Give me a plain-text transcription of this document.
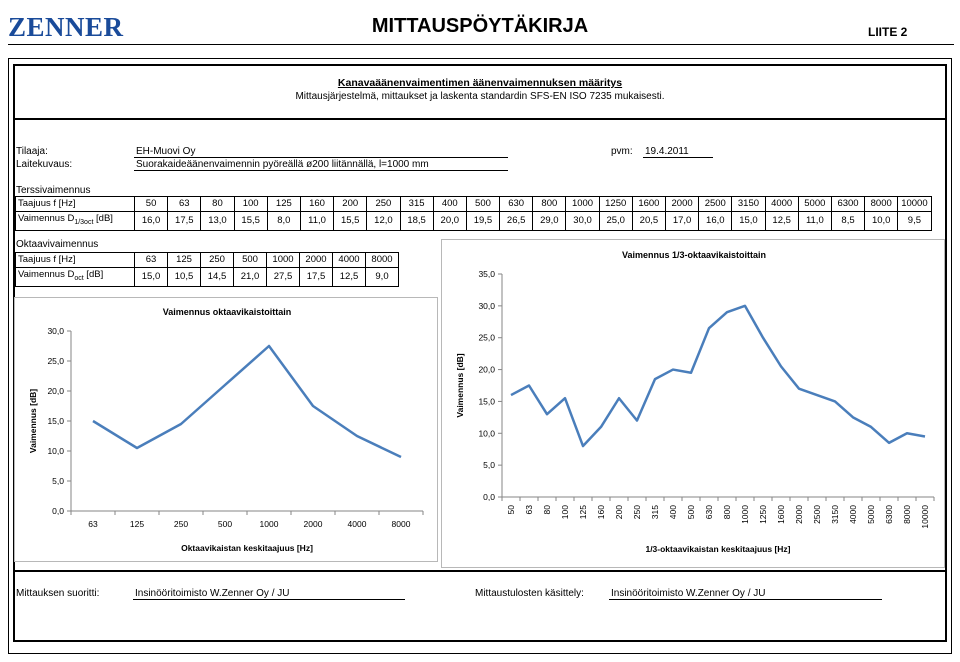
ZENNER	MITTAUSPÖYTÄKIRJA	LIITE 2
Kanavaäänenvaimentimen äänenvaimennuksen määritys
Mittausjärjestelmä, mittaukset ja laskenta standardin SFS-EN ISO 7235 mukaisesti.
Tilaaja:	EH-Muovi Oy
Laitekuvaus:	Suorakaideäänenvaimennin pyöreällä ø200 liitännällä, l=1000 mm
pvm: 19.4.2011
Terssivaimennus
Taajuus f [Hz]	50	63	80	100	125	160	200	250	315	400	500	630	800	1000	1250	1600	2000	2500	3150	4000	5000	6300	8000	10000
Vaimennus $D_{1/3oct}$ [dB]	16,0	17,5	13,0	15,5	8,0	11,0	15,5	12,0	18,5	20,0	19,5	26,5	29,0	30,0	25,0	20,5	17,0	16,0	15,0	12,5	11,0	8,5	10,0	9,5
Oktaavivaimennus
Taajuus f [Hz]	63	125	250	500	1000	2000	4000	8000
Vaimennus $D_{oct}$ [dB]	15,0	10,5	14,5	21,0	27,5	17,5	12,5	9,0
Vaimennus oktaavikaistoittain
0,0
5,0
10,0
15,0
20,0
25,0
30,0
63	125	250	500	1000	2000	4000	8000
Oktaavikaistan keskitaajuus [Hz]
Vaimennus [dB]
Vaimennus 1/3-oktaavikaistoittain
0,0
5,0
10,0
15,0
20,0
25,0
30,0
35,0
50 63 80 100 125 160 200 250 315 400 500 630 800 1000 1250 1600 2000 2500 3150 4000 5000 6300 8000 10000
1/3-oktaavikaistan keskitaajuus [Hz]
Vaimennus [dB]
Mittauksen suoritti:	Insinööritoimisto W.Zenner Oy / JU	Mittaustulosten käsittely:	Insinööritoimisto W.Zenner Oy / JU
